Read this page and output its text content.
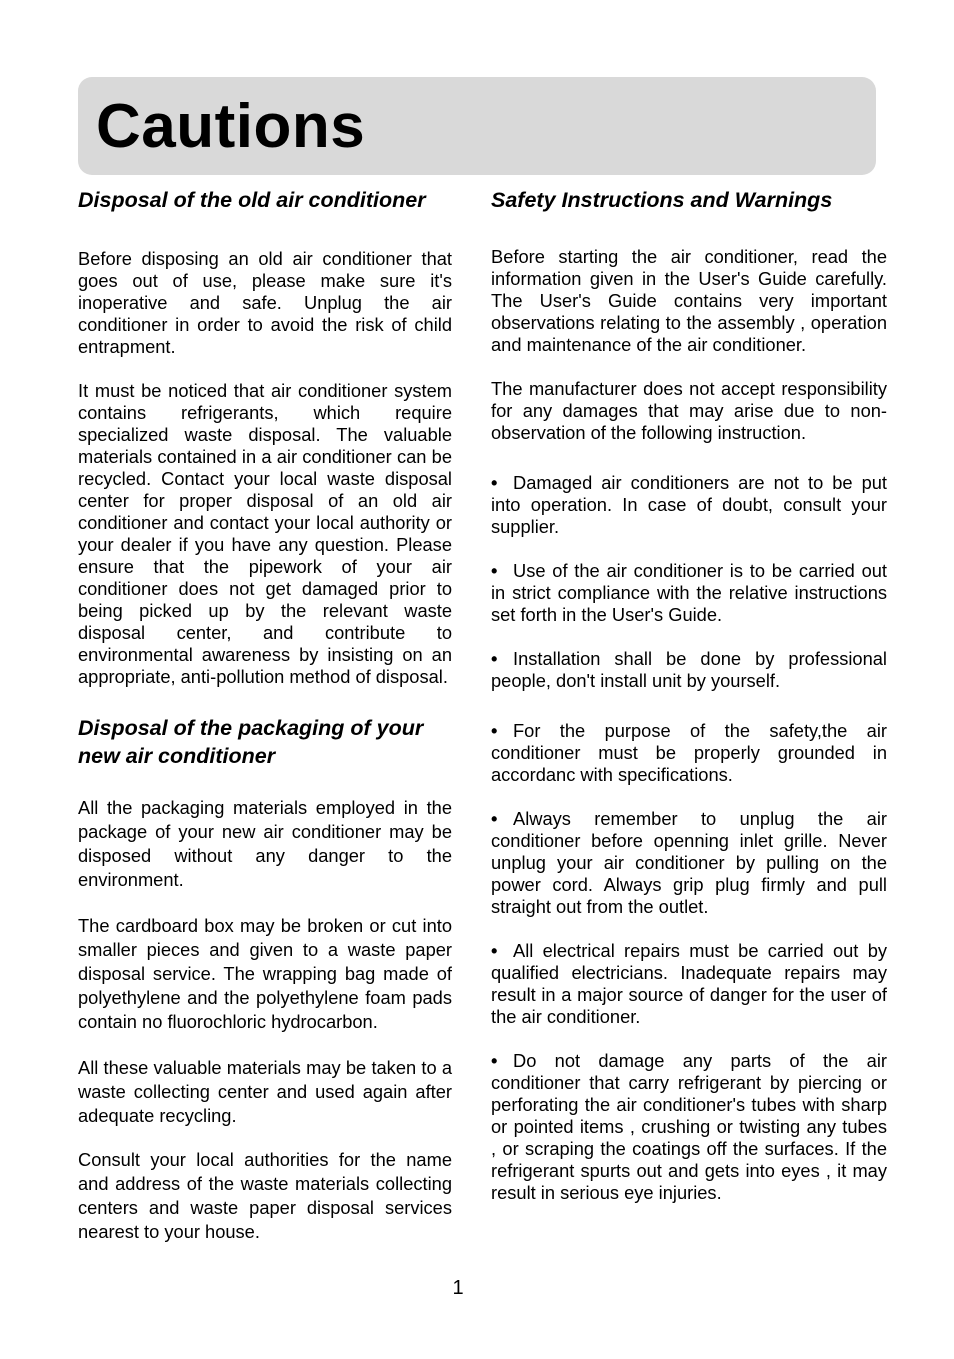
Cautions
Disposal of the old air conditioner

Before disposing an old air conditioner that goes out of use, please make sure it's inoperative and safe. Unplug the air conditioner in order to avoid the risk of child entrapment.

It must be noticed that air conditioner system contains refrigerants, which require specialized waste disposal. The valuable materials contained in a air conditioner can be recycled. Contact your local waste disposal center for proper disposal of an old air conditioner and contact your local authority or your dealer if you have any question. Please ensure that the pipework of your air conditioner does not get damaged prior to being picked up by the relevant waste disposal center, and contribute to environmental awareness by insisting on an appropriate, anti-pollution method of disposal.

Disposal of the packaging of your new air conditioner

All the packaging materials employed in the package of your new air conditioner may be disposed without any danger to the environment.

The cardboard box may be broken or cut into smaller pieces and given to a waste paper disposal service. The wrapping bag made of polyethylene and the polyethylene foam pads contain no fluorochloric hydrocarbon.

All these valuable materials may be taken to a waste collecting center and used again after adequate recycling.

Consult your local authorities for the name and address of the waste materials collecting centers and waste paper disposal services nearest to your house.

Safety Instructions and Warnings

Before starting the air conditioner, read the information given in the User's Guide carefully. The User's Guide contains very important observations relating to the assembly , operation and maintenance of the air conditioner.

The manufacturer does not accept responsibility for any damages that may arise due to non-observation of the following instruction.

• Damaged air conditioners are not to be put into operation. In case of doubt, consult your supplier.
• Use of the air conditioner is to be carried out in strict compliance with the relative instructions set forth in the User's Guide.
• Installation shall be done by professional people, don't install unit by yourself.
• For the purpose of the safety,the air conditioner must be properly grounded in accordanc with specifications.
• Always remember to unplug the air conditioner before openning inlet grille. Never unplug your air conditioner by pulling on the power cord. Always grip plug firmly and pull straight out from the outlet.
• All electrical repairs must be carried out by qualified electricians. Inadequate repairs may result in a major source of danger for the user of the air conditioner.
• Do not damage any parts of the air conditioner that carry refrigerant by piercing or perforating the air conditioner's tubes with sharp or pointed items , crushing or twisting any tubes , or scraping the coatings off the surfaces. If the refrigerant spurts out and gets into eyes , it may result in serious eye injuries.
1
